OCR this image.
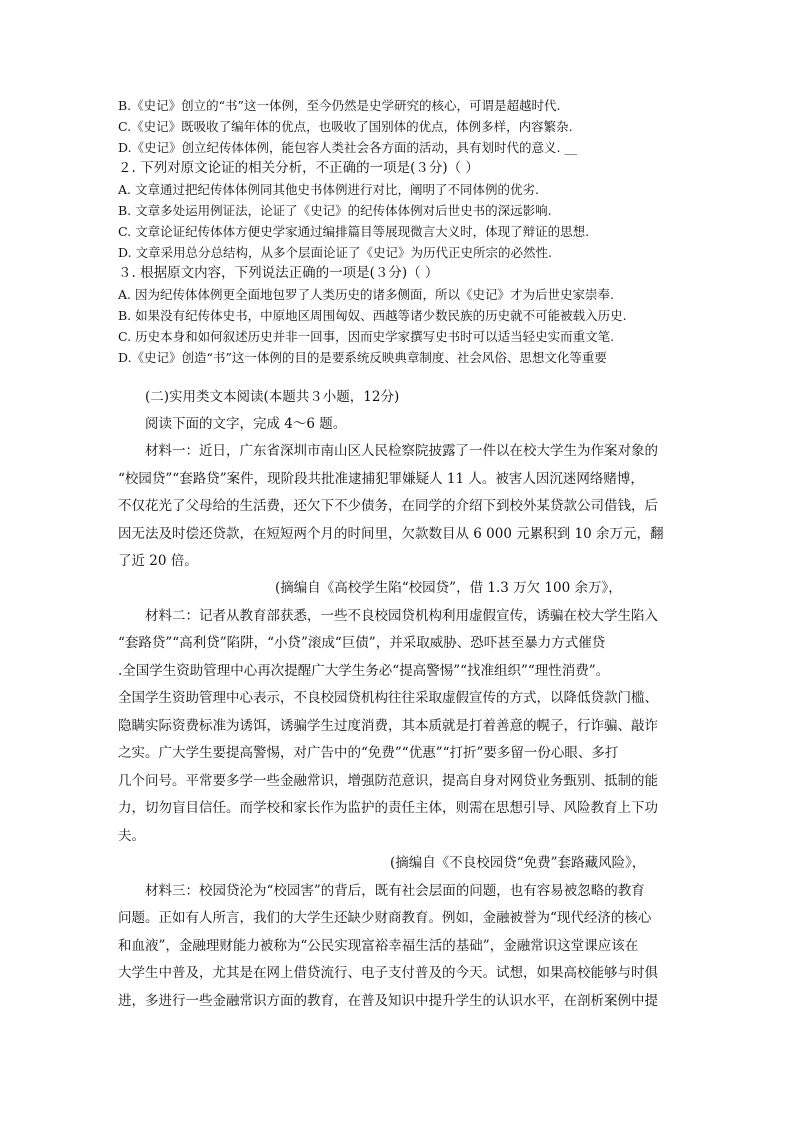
B.《史记》创立的“书”这一体例，至今仍然是史学研究的核心，可谓是超越时代.
C.《史记》既吸收了编年体的优点，也吸收了国别体的优点，体例多样，内容繁杂.
D.《史记》创立纪传体体例，能包容人类社会各方面的活动，具有划时代的意义. __
２. 下列对原文论证的相关分析，不正确的一项是(３分)（ ）
A. 文章通过把纪传体体例同其他史书体例进行对比，阐明了不同体例的优劣.
B. 文章多处运用例证法，论证了《史记》的纪传体体例对后世史书的深远影响.
C. 文章论证纪传体体方便史学家通过编排篇目等展现微言大义时，体现了辩证的思想.
D. 文章采用总分总结构，从多个层面论证了《史记》为历代正史所宗的必然性.
３. 根据原文内容，下列说法正确的一项是(３分)（ ）
A. 因为纪传体体例更全面地包罗了人类历史的诸多侧面，所以《史记》才为后世史家崇奉.
B. 如果没有纪传体史书，中原地区周围匈奴、西越等诸少数民族的历史就不可能被载入历史.
C. 历史本身和如何叙述历史并非一回事，因而史学家撰写史书时可以适当轻史实而重文笔.
D.《史记》创造“书”这一体例的目的是要系统反映典章制度、社会风俗、思想文化等重要
(二)实用类文本阅读(本题共３小题，12分)
阅读下面的文字，完成 4～6 题。
材料一：近日，广东省深圳市南山区人民检察院披露了一件以在校大学生为作案对象的
“校园贷”“套路贷”案件，现阶段共批准逮捕犯罪嫌疑人 11 人。被害人因沉迷网络赌博，
不仅花光了父母给的生活费，还欠下不少债务，在同学的介绍下到校外某贷款公司借钱，后
因无法及时偿还贷款，在短短两个月的时间里，欠款数目从 6 000 元累积到 10 余万元，翻
了近 20 倍。
(摘编自《高校学生陷“校园贷”，借 1.3 万欠 100 余万》，
材料二：记者从教育部获悉，一些不良校园贷机构利用虚假宣传，诱骗在校大学生陷入
“套路贷”“高利贷”陷阱，“小贷”滚成“巨债”，并采取威胁、恐吓甚至暴力方式催贷
.全国学生资助管理中心再次提醒广大学生务必“提高警惕”“找准组织”“理性消费”。
全国学生资助管理中心表示，不良校园贷机构往往采取虚假宣传的方式，以降低贷款门槛、
隐瞒实际资费标准为诱饵，诱骗学生过度消费，其本质就是打着善意的幌子，行诈骗、敲诈
之实。广大学生要提高警惕，对广告中的“免费”“优惠”“打折”要多留一份心眼、多打
几个问号。平常要多学一些金融常识，增强防范意识，提高自身对网贷业务甄别、抵制的能
力，切勿盲目信任。而学校和家长作为监护的责任主体，则需在思想引导、风险教育上下功
夫。
(摘编自《不良校园贷“免费”套路藏风险》，
材料三：校园贷沦为“校园害”的背后，既有社会层面的问题，也有容易被忽略的教育
问题。正如有人所言，我们的大学生还缺少财商教育。例如，金融被誉为“现代经济的核心
和血液”，金融理财能力被称为“公民实现富裕幸福生活的基础”，金融常识这堂课应该在
大学生中普及，尤其是在网上借贷流行、电子支付普及的今天。试想，如果高校能够与时俱
进，多进行一些金融常识方面的教育，在普及知识中提升学生的认识水平，在剖析案例中提
